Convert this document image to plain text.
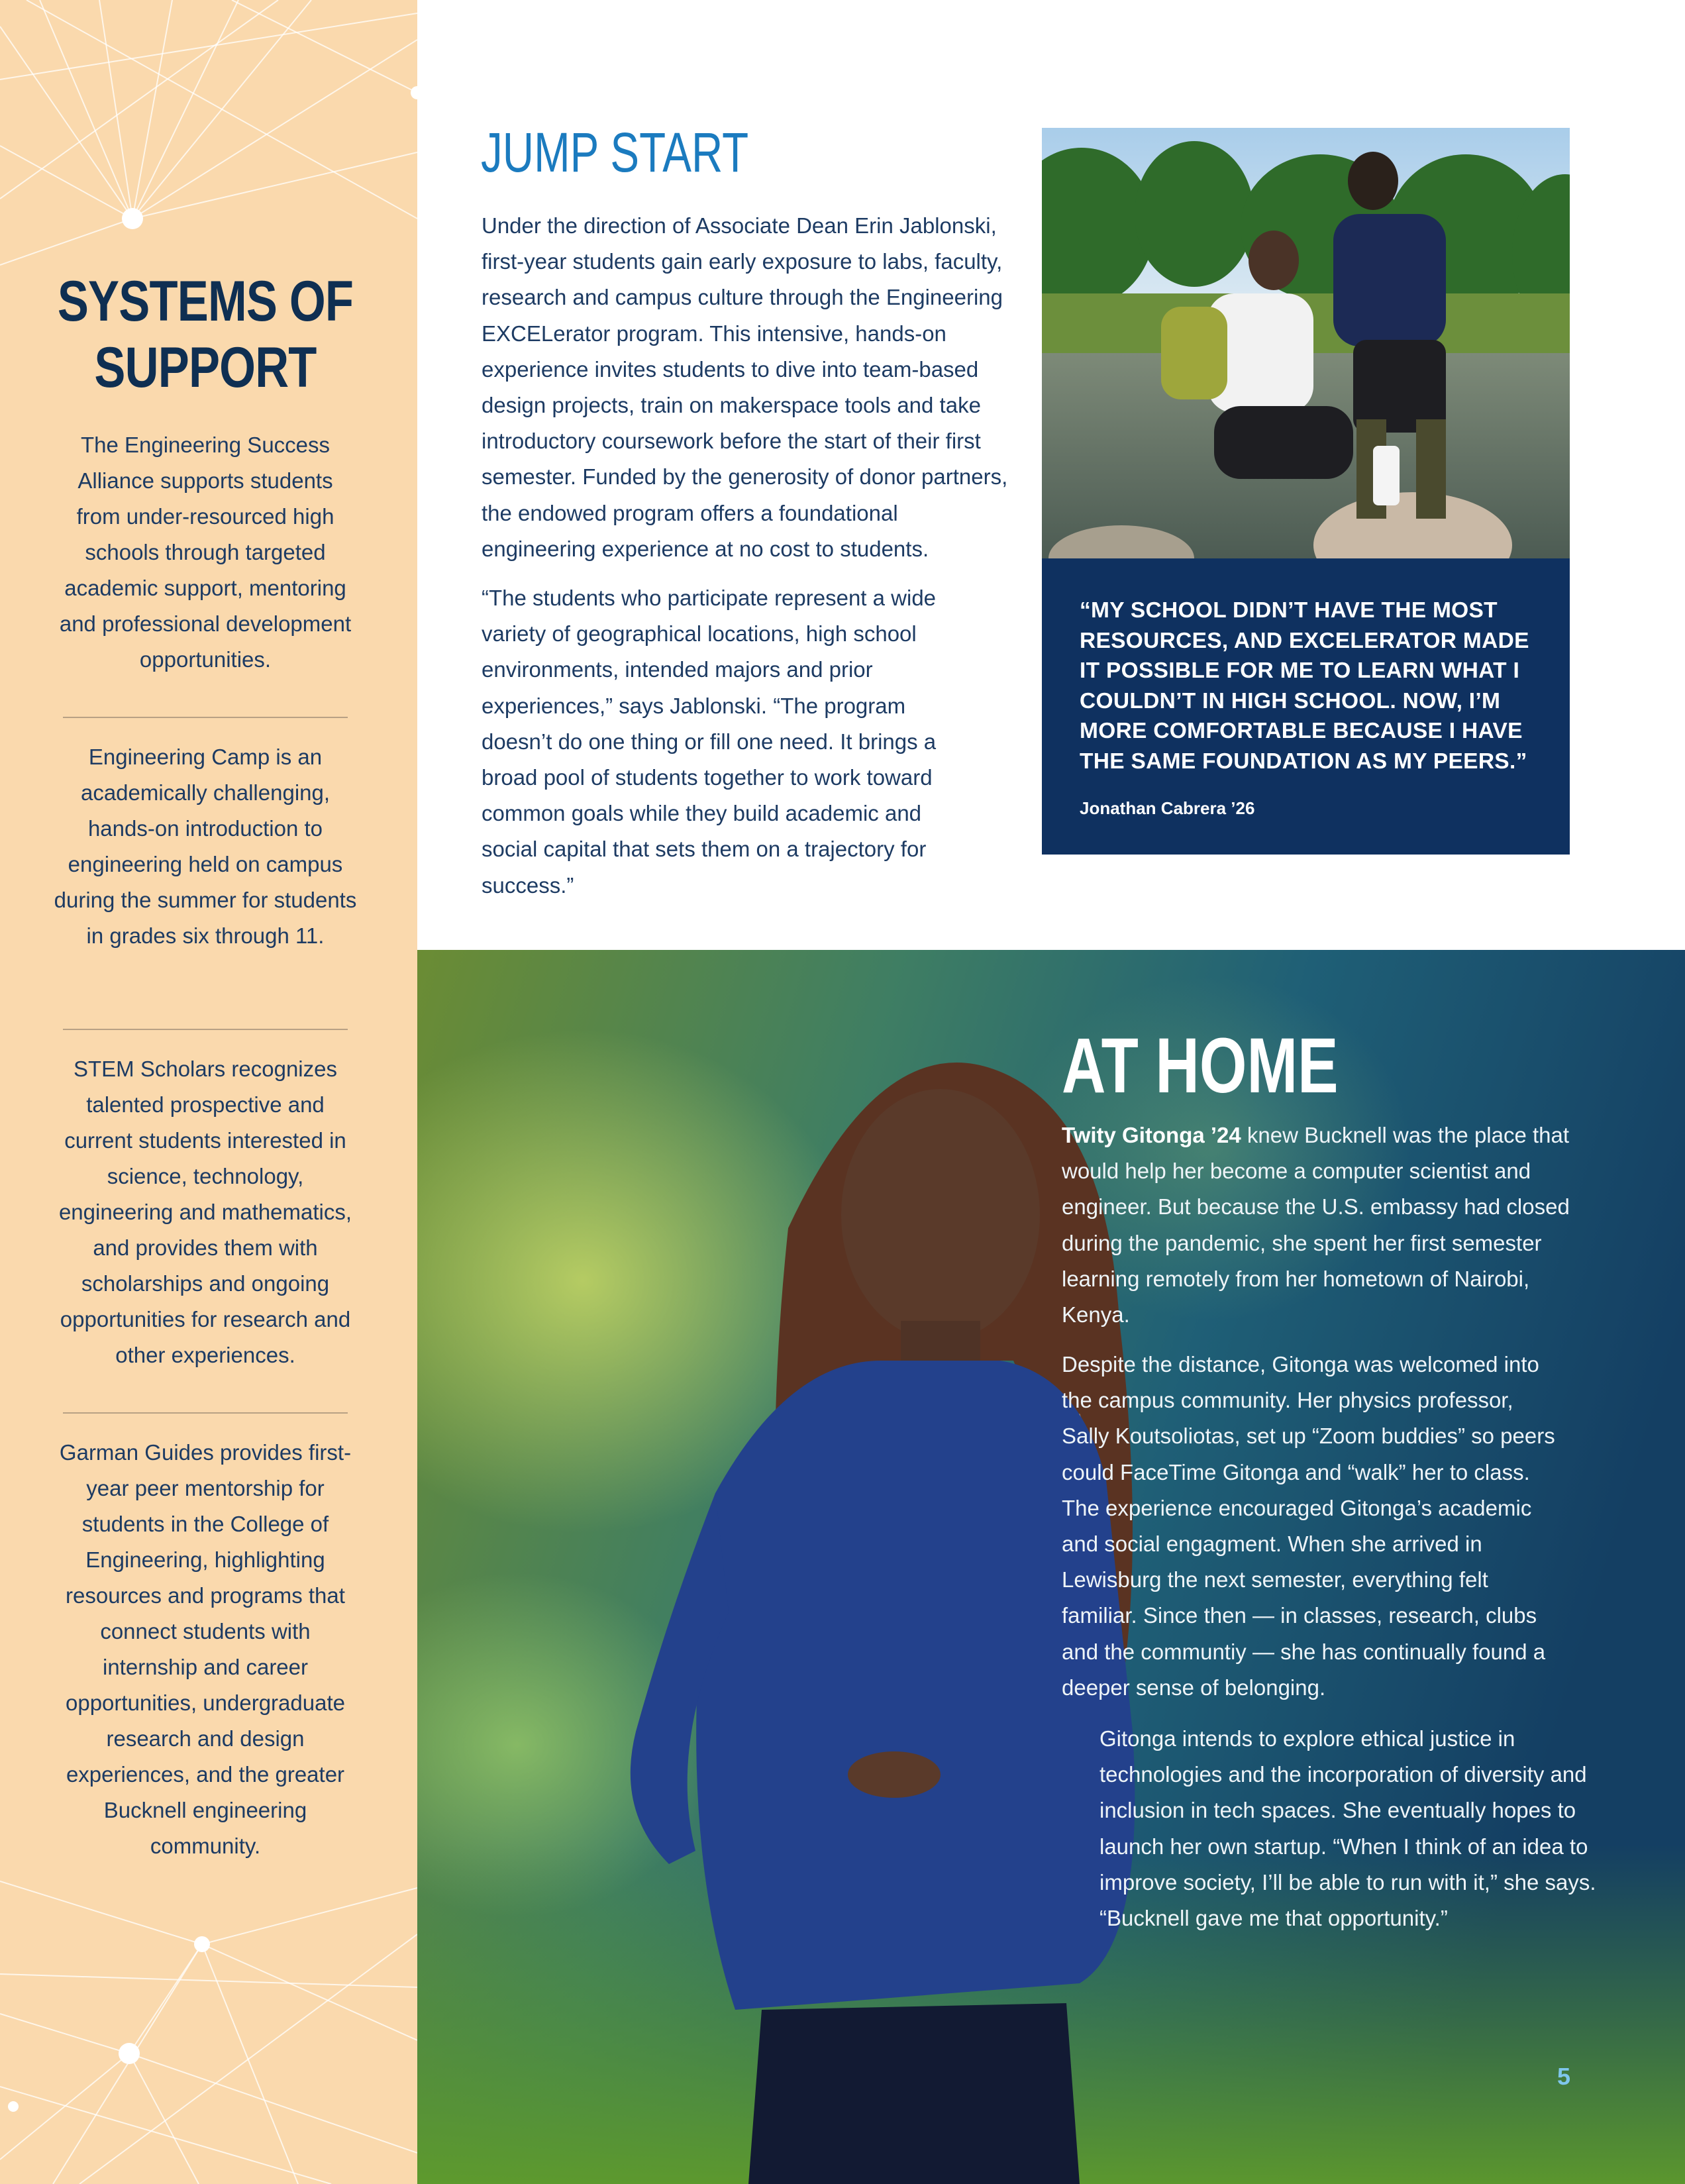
SYSTEMS OF
SUPPORT

The Engineering Success Alliance supports students from under-resourced high schools through targeted academic support, mentoring and professional development opportunities.

Engineering Camp is an academically challenging, hands-on introduction to engineering held on campus during the summer for students in grades six through 11.

STEM Scholars recognizes talented prospective and current students interested in science, technology, engineering and mathematics, and provides them with scholarships and ongoing opportunities for research and other experiences.

Garman Guides provides first-year peer mentorship for students in the College of Engineering, highlighting resources and programs that connect students with internship and career opportunities, undergraduate research and design experiences, and the greater Bucknell engineering community.

JUMP START

Under the direction of Associate Dean Erin Jablonski, first-year students gain early exposure to labs, faculty, research and campus culture through the Engineering EXCELerator program. This intensive, hands-on experience invites students to dive into team-based design projects, train on makerspace tools and take introductory coursework before the start of their first semester. Funded by the generosity of donor partners, the endowed program offers a foundational engineering experience at no cost to students.

“The students who participate represent a wide variety of geographical locations, high school environments, intended majors and prior experiences,” says Jablonski. “The program doesn’t do one thing or fill one need. It brings a broad pool of students together to work toward common goals while they build academic and social capital that sets them on a trajectory for success.”

“MY SCHOOL DIDN’T HAVE THE MOST RESOURCES, AND EXCELERATOR MADE IT POSSIBLE FOR ME TO LEARN WHAT I COULDN’T IN HIGH SCHOOL. NOW, I’M MORE COMFORTABLE BECAUSE I HAVE THE SAME FOUNDATION AS MY PEERS.”

Jonathan Cabrera ’26

AT HOME

Twity Gitonga ’24 knew Bucknell was the place that would help her become a computer scientist and engineer. But because the U.S. embassy had closed during the pandemic, she spent her first semester learning remotely from her hometown of Nairobi, Kenya.

Despite the distance, Gitonga was welcomed into the campus community. Her physics professor, Sally Koutsoliotas, set up “Zoom buddies” so peers could FaceTime Gitonga and “walk” her to class. The experience encouraged Gitonga’s academic and social engagment. When she arrived in Lewisburg the next semester, everything felt familiar. Since then — in classes, research, clubs and the communtiy — she has continually found a deeper sense of belonging.

Gitonga intends to explore ethical justice in technologies and the incorporation of diversity and inclusion in tech spaces. She eventually hopes to launch her own startup. “When I think of an idea to improve society, I’ll be able to run with it,” she says. “Bucknell gave me that opportunity.”

5
